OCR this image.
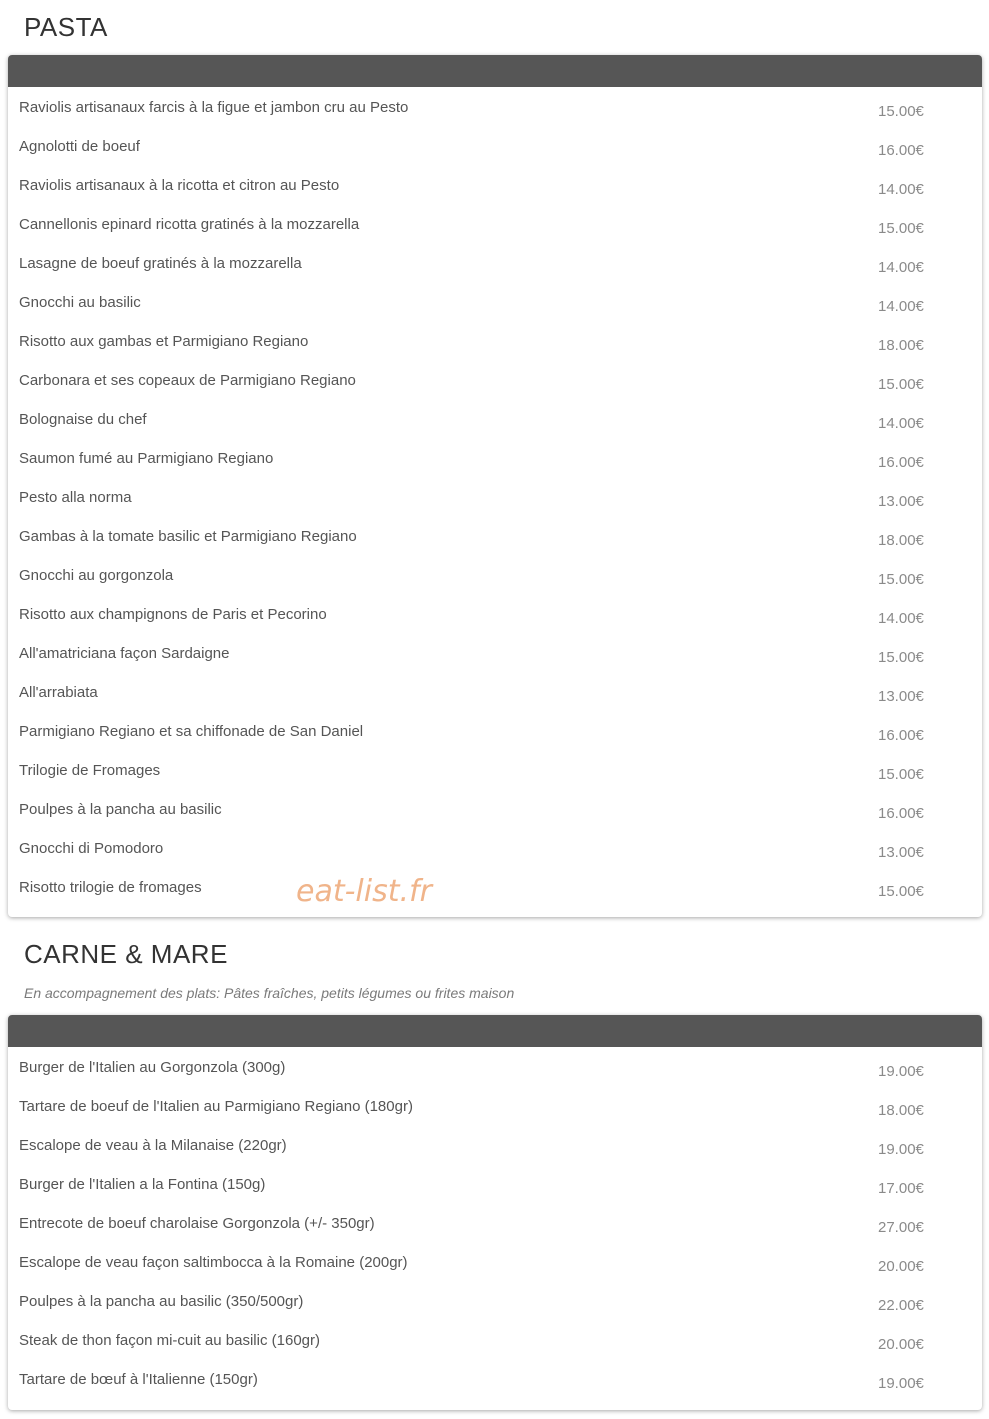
PASTA
Raviolis artisanaux farcis à la figue et jambon cru au Pesto	15.00€
Agnolotti de boeuf	16.00€
Raviolis artisanaux à la ricotta et citron au Pesto	14.00€
Cannellonis epinard ricotta gratinés à la mozzarella	15.00€
Lasagne de boeuf gratinés à la mozzarella	14.00€
Gnocchi au basilic	14.00€
Risotto aux gambas et Parmigiano Regiano	18.00€
Carbonara et ses copeaux de Parmigiano Regiano	15.00€
Bolognaise du chef	14.00€
Saumon fumé au Parmigiano Regiano	16.00€
Pesto alla norma	13.00€
Gambas à la tomate basilic et Parmigiano Regiano	18.00€
Gnocchi au gorgonzola	15.00€
Risotto aux champignons de Paris et Pecorino	14.00€
All'amatriciana façon Sardaigne	15.00€
All'arrabiata	13.00€
Parmigiano Regiano et sa chiffonade de San Daniel	16.00€
Trilogie de Fromages	15.00€
Poulpes à la pancha au basilic	16.00€
Gnocchi di Pomodoro	13.00€
Risotto trilogie de fromages	15.00€
eat-list.fr
CARNE & MARE
En accompagnement des plats: Pâtes fraîches, petits légumes ou frites maison
Burger de l'Italien au Gorgonzola (300g)	19.00€
Tartare de boeuf de l'Italien au Parmigiano Regiano (180gr)	18.00€
Escalope de veau à la Milanaise (220gr)	19.00€
Burger de l'Italien a la Fontina (150g)	17.00€
Entrecote de boeuf charolaise Gorgonzola (+/- 350gr)	27.00€
Escalope de veau façon saltimbocca à la Romaine (200gr)	20.00€
Poulpes à la pancha au basilic (350/500gr)	22.00€
Steak de thon façon mi-cuit au basilic (160gr)	20.00€
Tartare de bœuf à l'Italienne (150gr)	19.00€
